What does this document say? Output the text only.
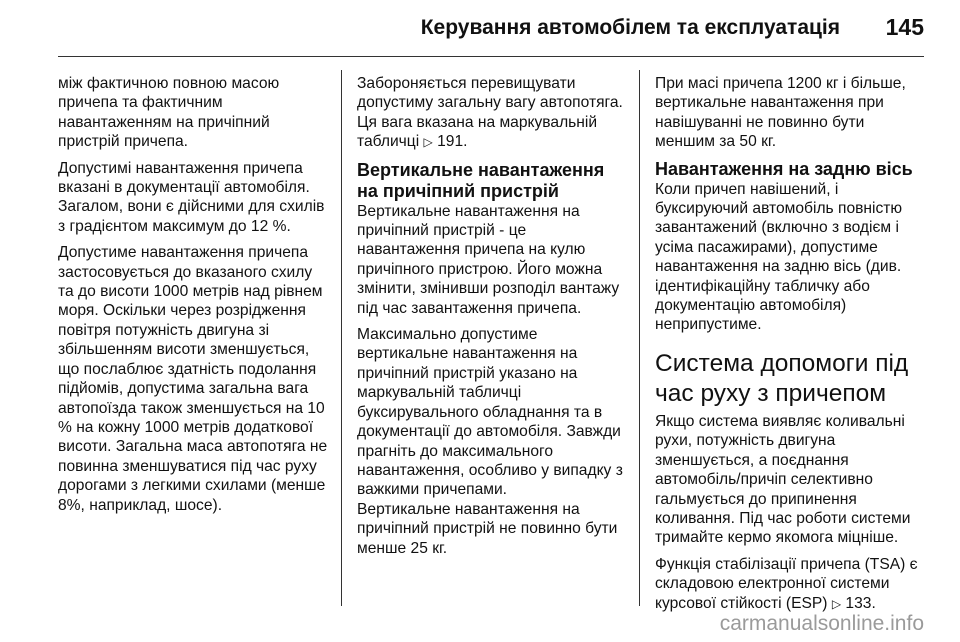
Керування автомобілем та експлуатація 145

між фактичною повною масою причепа та фактичним навантаженням на причіпний пристрій причепа.

Допустимі навантаження причепа вказані в документації автомобіля. Загалом, вони є дійсними для схилів з градієнтом максимум до 12 %.

Допустиме навантаження причепа застосовується до вказаного схилу та до висоти 1000 метрів над рівнем моря. Оскільки через розрідження повітря потужність двигуна зі збільшенням висоти зменшується, що послаблює здатність подолання підйомів, допустима загальна вага автопоїзда також зменшується на 10 % на кожну 1000 метрів додаткової висоти. Загальна маса автопотяга не повинна зменшуватися під час руху дорогами з легкими схилами (менше 8%, наприклад, шосе).

Забороняється перевищувати допустиму загальну вагу автопотяга. Ця вага вказана на маркувальній табличці ▷ 191.

Вертикальне навантаження на причіпний пристрій

Вертикальне навантаження на причіпний пристрій - це навантаження причепа на кулю причіпного пристрою. Його можна змінити, змінивши розподіл вантажу під час завантаження причепа.

Максимально допустиме вертикальне навантаження на причіпний пристрій указано на маркувальній табличці буксирувального обладнання та в документації до автомобіля. Завжди прагніть до максимального навантаження, особливо у випадку з важкими причепами.

Вертикальне навантаження на причіпний пристрій не повинно бути менше 25 кг.

При масі причепа 1200 кг і більше, вертикальне навантаження при навішуванні не повинно бути меншим за 50 кг.

Навантаження на задню вісь

Коли причеп навішений, і буксируючий автомобіль повністю завантажений (включно з водієм і усіма пасажирами), допустиме навантаження на задню вісь (див. ідентифікаційну табличку або документацію автомобіля) неприпустиме.

Система допомоги під час руху з причепом

Якщо система виявляє коливальні рухи, потужність двигуна зменшується, а поєднання автомобіль/причіп селективно гальмується до припинення коливання. Під час роботи системи тримайте кермо якомога міцніше.

Функція стабілізації причепа (TSA) є складовою електронної системи курсової стійкості (ESP) ▷ 133.

carmanualsonline.info
